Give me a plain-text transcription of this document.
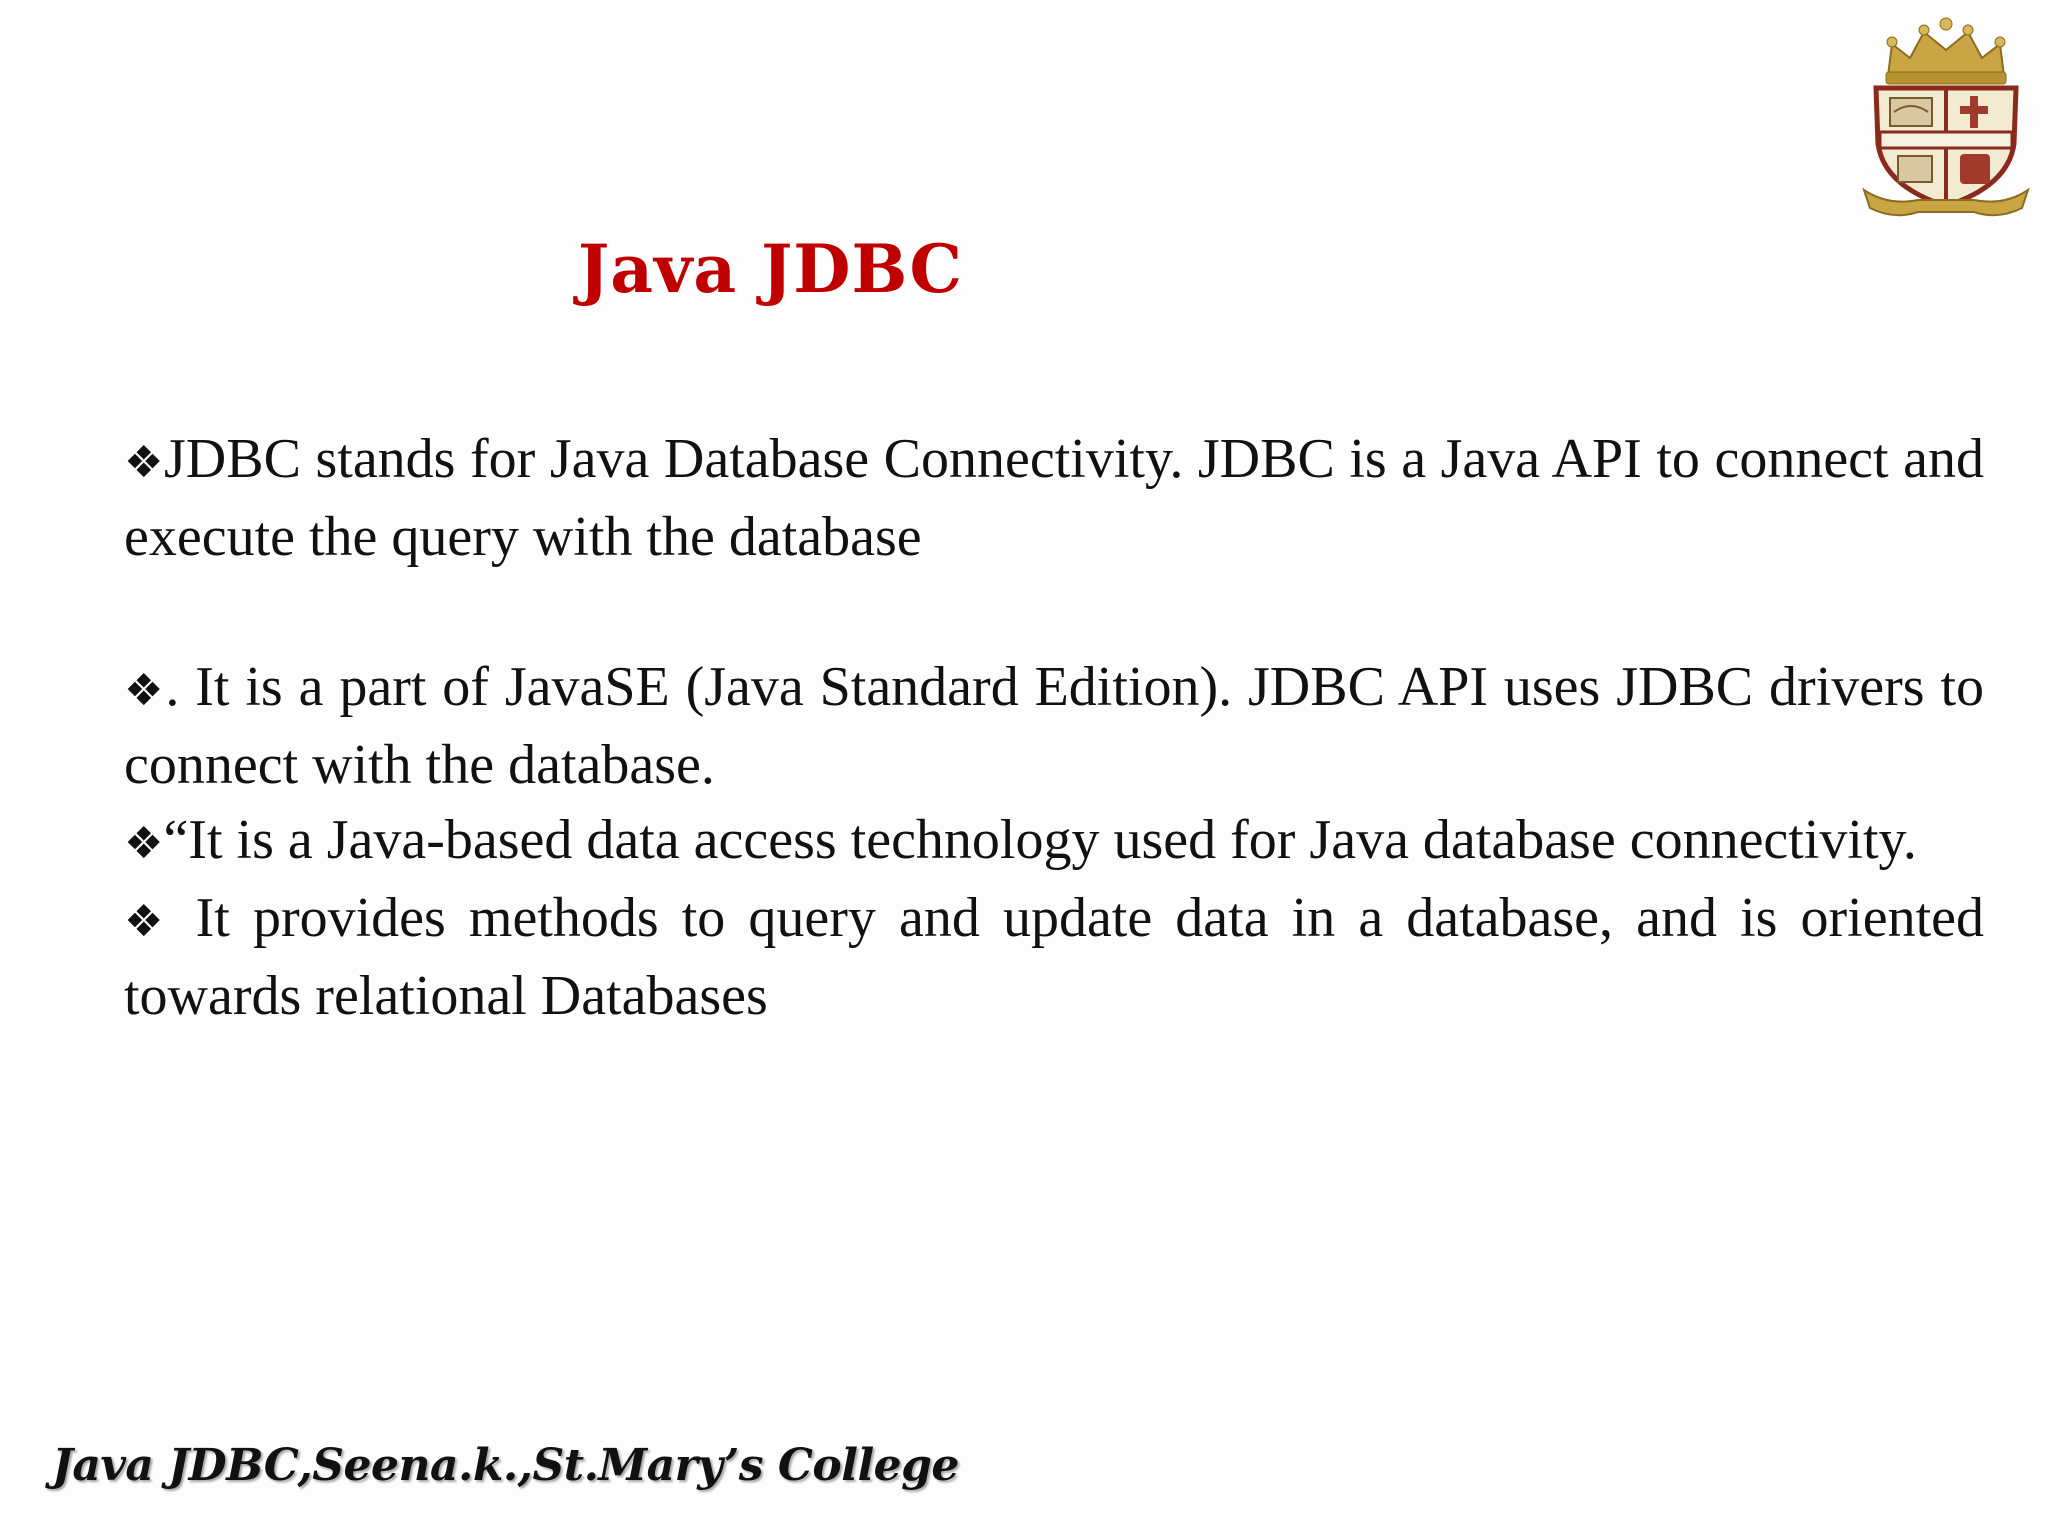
Java JDBC

❖JDBC stands for Java Database Connectivity. JDBC is a Java API to connect and execute the query with the database

❖. It is a part of JavaSE (Java Standard Edition). JDBC API uses JDBC drivers to connect with the database.

❖“It is a Java-based data access technology used for Java database connectivity.

❖ It provides methods to query and update data in a database, and is oriented towards relational Databases

Java JDBC,Seena.k.,St.Mary’s College
